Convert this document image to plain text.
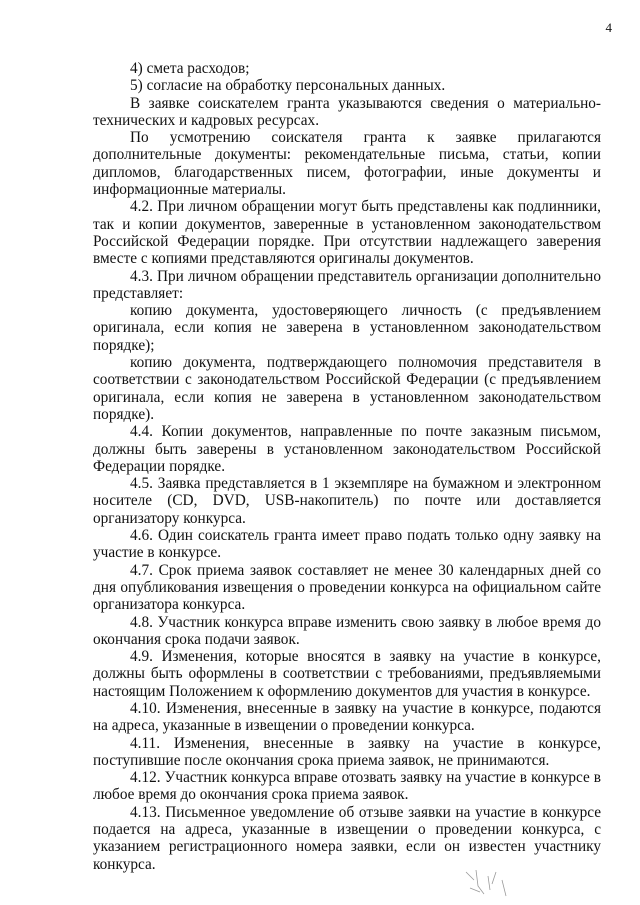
4

4) смета расходов;

5) согласие на обработку персональных данных.

В заявке соискателем гранта указываются сведения о материально-технических и кадровых ресурсах.

По усмотрению соискателя гранта к заявке прилагаются дополнительные документы: рекомендательные письма, статьи, копии дипломов, благодарственных писем, фотографии, иные документы и информационные материалы.

4.2. При личном обращении могут быть представлены как подлинники, так и копии документов, заверенные в установленном законодательством Российской Федерации порядке. При отсутствии надлежащего заверения вместе с копиями представляются оригиналы документов.

4.3. При личном обращении представитель организации дополнительно представляет:

копию документа, удостоверяющего личность (с предъявлением оригинала, если копия не заверена в установленном законодательством порядке);

копию документа, подтверждающего полномочия представителя в соответствии с законодательством Российской Федерации (с предъявлением оригинала, если копия не заверена в установленном законодательством порядке).

4.4. Копии документов, направленные по почте заказным письмом, должны быть заверены в установленном законодательством Российской Федерации порядке.

4.5. Заявка представляется в 1 экземпляре на бумажном и электронном носителе (CD, DVD, USB-накопитель) по почте или доставляется организатору конкурса.

4.6. Один соискатель гранта имеет право подать только одну заявку на участие в конкурсе.

4.7. Срок приема заявок составляет не менее 30 календарных дней со дня опубликования извещения о проведении конкурса на официальном сайте организатора конкурса.

4.8. Участник конкурса вправе изменить свою заявку в любое время до окончания срока подачи заявок.

4.9. Изменения, которые вносятся в заявку на участие в конкурсе, должны быть оформлены в соответствии с требованиями, предъявляемыми настоящим Положением к оформлению документов для участия в конкурсе.

4.10. Изменения, внесенные в заявку на участие в конкурсе, подаются на адреса, указанные в извещении о проведении конкурса.

4.11. Изменения, внесенные в заявку на участие в конкурсе, поступившие после окончания срока приема заявок, не принимаются.

4.12. Участник конкурса вправе отозвать заявку на участие в конкурсе в любое время до окончания срока приема заявок.

4.13. Письменное уведомление об отзыве заявки на участие в конкурсе подается на адреса, указанные в извещении о проведении конкурса, с указанием регистрационного номера заявки, если он известен участнику конкурса.
